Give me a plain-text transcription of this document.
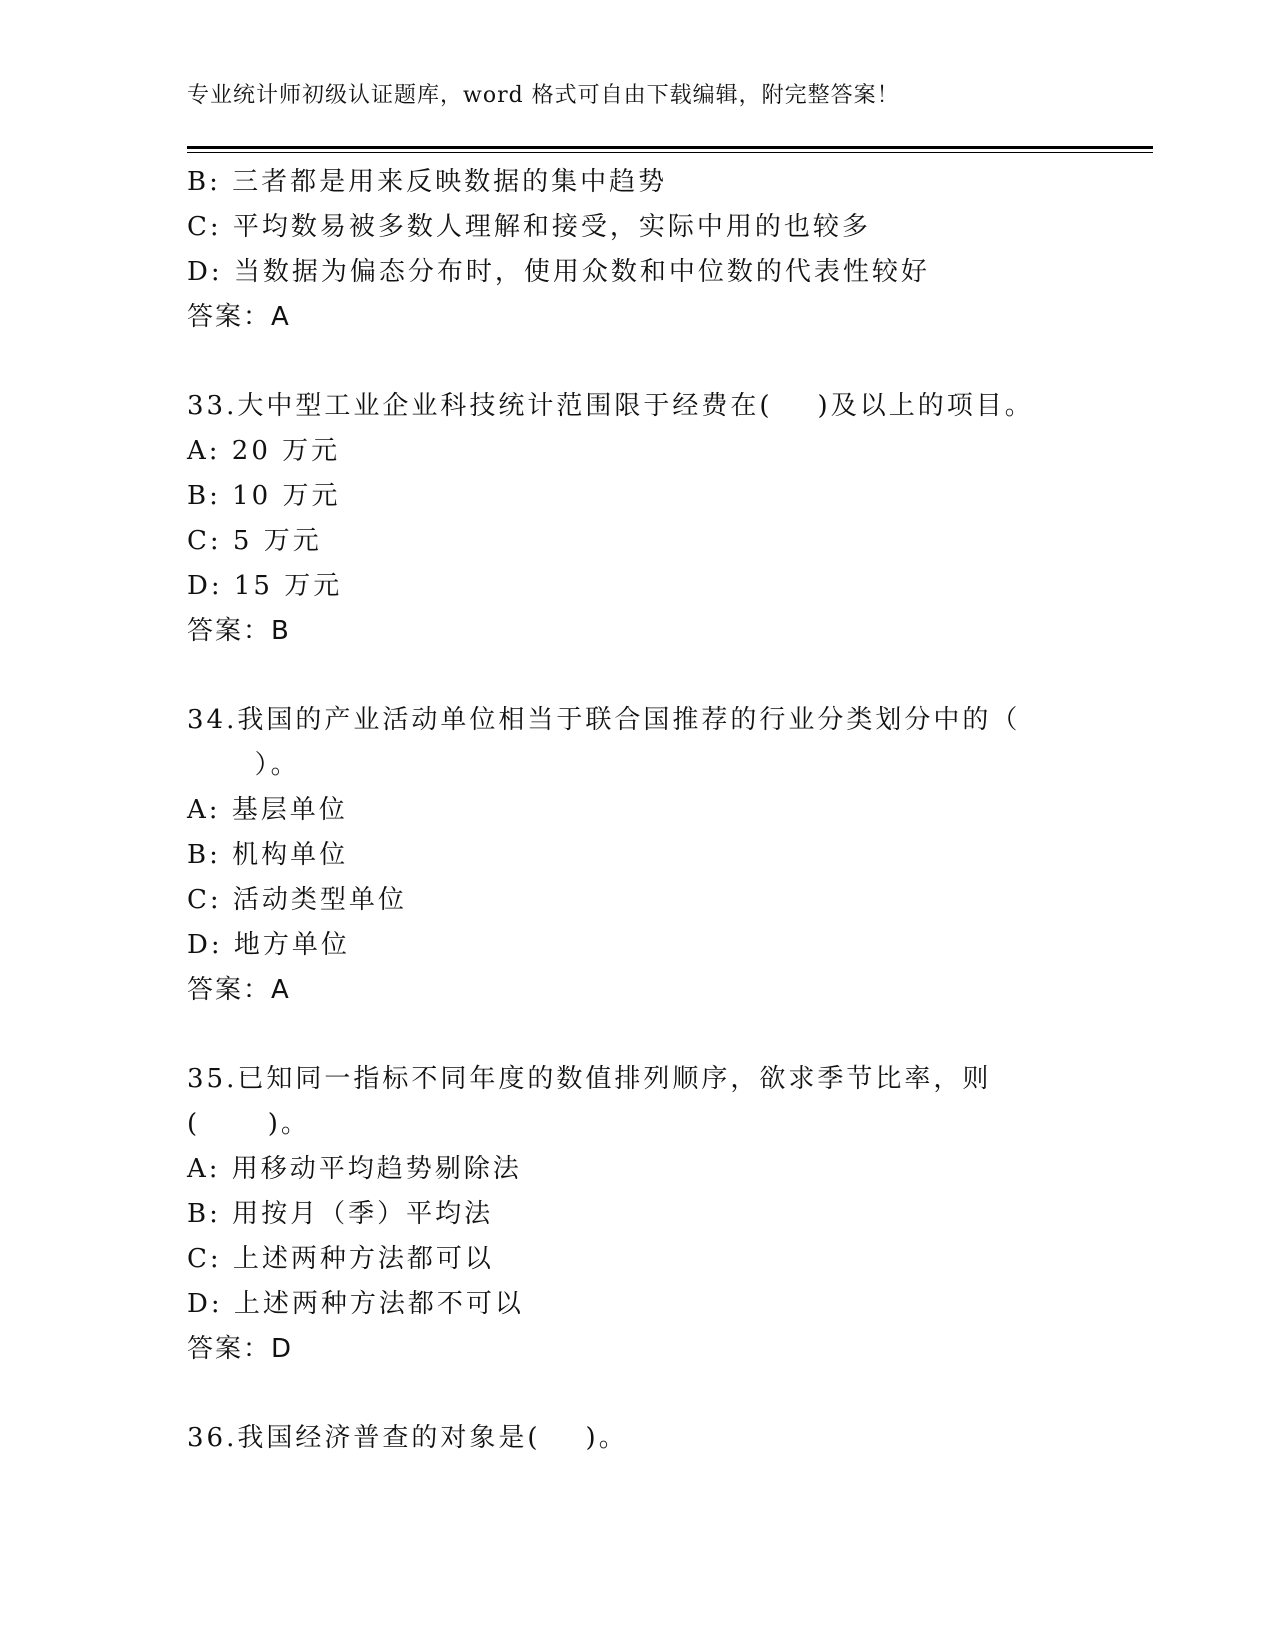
专业统计师初级认证题库，word 格式可自由下载编辑，附完整答案！
B: 三者都是用来反映数据的集中趋势
C: 平均数易被多数人理解和接受，实际中用的也较多
D: 当数据为偏态分布时，使用众数和中位数的代表性较好
答案：A
33.大中型工业企业科技统计范围限于经费在(    )及以上的项目。
A: 20 万元
B: 10 万元
C: 5 万元
D: 15 万元
答案：B
34.我国的产业活动单位相当于联合国推荐的行业分类划分中的（
）。
A: 基层单位
B: 机构单位
C: 活动类型单位
D: 地方单位
答案：A
35.已知同一指标不同年度的数值排列顺序，欲求季节比率，则
(      )。
A: 用移动平均趋势剔除法
B: 用按月（季）平均法
C: 上述两种方法都可以
D: 上述两种方法都不可以
答案：D
36.我国经济普查的对象是(    )。
